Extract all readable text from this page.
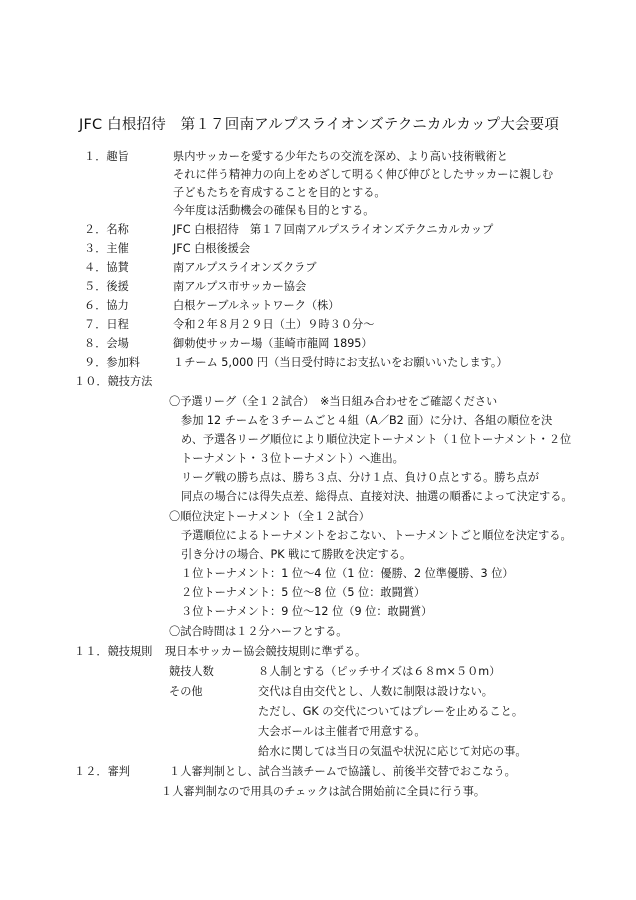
JFC 白根招待　第１７回南アルプスライオンズテクニカルカップ大会要項
１．趣旨	県内サッカーを愛する少年たちの交流を深め、より高い技術戦術と
それに伴う精神力の向上をめざして明るく伸び伸びとしたサッカーに親しむ
子どもたちを育成することを目的とする。
今年度は活動機会の確保も目的とする。
２．名称	JFC 白根招待　第１７回南アルプスライオンズテクニカルカップ
３．主催	JFC 白根後援会
４．協賛	南アルプスライオンズクラブ
５．後援	南アルプス市サッカー協会
６．協力	白根ケーブルネットワーク（株）
７．日程	令和２年８月２９日（土）９時３０分～
８．会場	御勅使サッカー場（韮崎市龍岡 1895）
９．参加料	１チーム 5,000 円（当日受付時にお支払いをお願いいたします。）
１０．競技方法
〇予選リーグ（全１２試合）　※当日組み合わせをご確認ください
参加 12 チームを３チームごと４組（A／B2 面）に分け、各組の順位を決
め、予選各リーグ順位により順位決定トーナメント（１位トーナメント・２位
トーナメント・３位トーナメント）へ進出。
リーグ戦の勝ち点は、勝ち３点、分け１点、負け０点とする。勝ち点が
同点の場合には得失点差、総得点、直接対決、抽選の順番によって決定する。
〇順位決定トーナメント（全１２試合）
予選順位によるトーナメントをおこない、トーナメントごと順位を決定する。
引き分けの場合、PK 戦にて勝敗を決定する。
１位トーナメント：1 位～4 位（1 位：優勝、2 位準優勝、3 位）
２位トーナメント：5 位～8 位（5 位：敢闘賞）
３位トーナメント：9 位～12 位（9 位：敢闘賞）
〇試合時間は１２分ハーフとする。
１１．競技規則 現日本サッカー協会競技規則に準ずる。
競技人数	８人制とする（ピッチサイズは６８m×５０m）
その他	交代は自由交代とし、人数に制限は設けない。
ただし、GK の交代についてはプレーを止めること。
大会ボールは主催者で用意する。
給水に関しては当日の気温や状況に応じて対応の事。
１２．審判	１人審判制とし、試合当該チームで協議し、前後半交替でおこなう。
１人審判制なので用具のチェックは試合開始前に全員に行う事。
